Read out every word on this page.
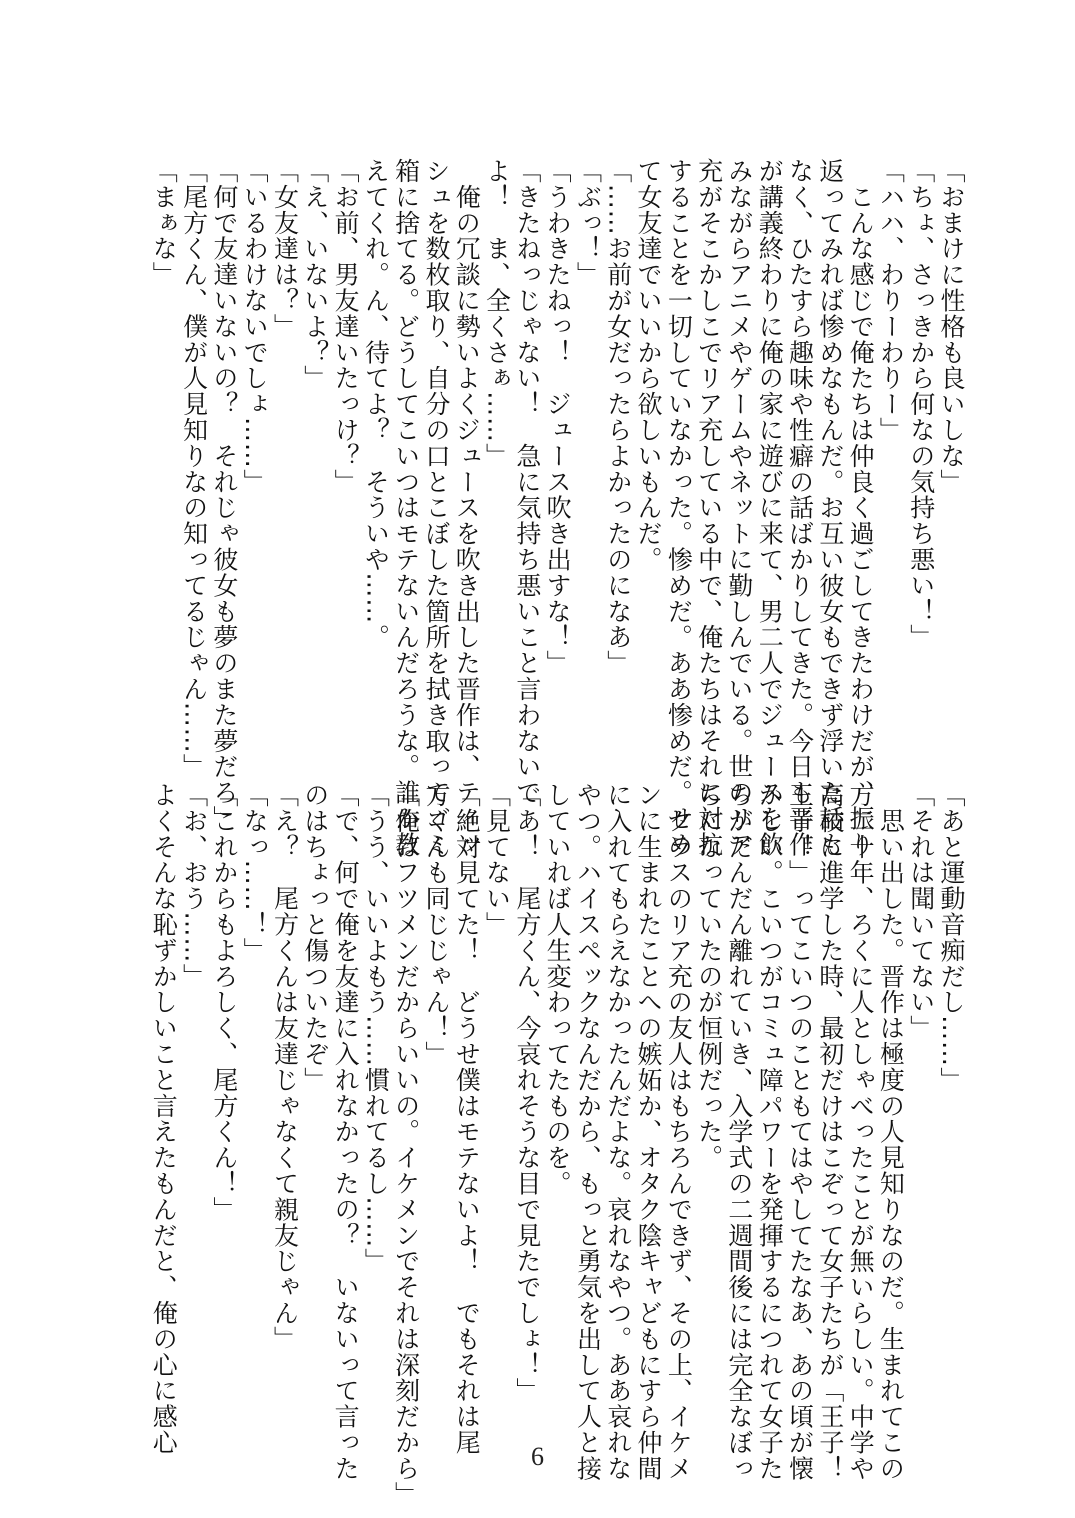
「おまけに性格も良いしな」
「ちょ、さっきから何なの気持ち悪い！」
「ハハ、わりーわりー」
　こんな感じで俺たちは仲良く過ごしてきたわけだが、振り
返ってみれば惨めなもんだ。お互い彼女もできず浮いた話も
なく、ひたすら趣味や性癖の話ばかりしてきた。今日も晋作
が講義終わりに俺の家に遊びに来て、男二人でジュースを飲
みながらアニメやゲームやネットに勤しんでいる。世のリア
充がそこかしこでリア充している中で、俺たちはそれに対抗
することを一切していなかった。惨めだ。ああ惨めだ。せめ
て女友達でいいから欲しいもんだ。
「……お前が女だったらよかったのになあ」
「ぶっ！」
「うわきたねっ！　ジュース吹き出すな！」
「きたねっじゃない！　急に気持ち悪いこと言わないで
よ！　ま、全くさぁ……」
　俺の冗談に勢いよくジュースを吹き出した晋作は、ティッ
シュを数枚取り、自分の口とこぼした箇所を拭き取ってゴミ
箱に捨てる。どうしてこいつはモテないんだろうな。誰か教
えてくれ。ん、待てよ？　そういや……。
「お前、男友達いたっけ？」
「え、いないよ？」
「女友達は？」
「いるわけないでしょ……」
「何で友達いないの？　それじゃ彼女も夢のまた夢だろ」
「尾方くん、僕が人見知りなの知ってるじゃん……」
「まぁな」
「あと運動音痴だし……」
「それは聞いてない」
　思い出した。晋作は極度の人見知りなのだ。生まれてこの
方二十年、ろくに人としゃべったことが無いらしい。中学や
高校に進学した時、最初だけはこぞって女子たちが「王子！
王子！」ってこいつのこともてはやしてたなあ、あの頃が懐
かしい。こいつがコミュ障パワーを発揮するにつれて女子た
ちがだんだん離れていき、入学式の二週間後には完全なぼっ
ちになっていたのが恒例だった。
　クラスのリア充の友人はもちろんできず、その上、イケメ
ンに生まれたことへの嫉妬か、オタク陰キャどもにすら仲間
に入れてもらえなかったんだよな。哀れなやつ。ああ哀れな
やつ。ハイスペックなんだから、もっと勇気を出して人と接
していれば人生変わってたものを。
「あ！　尾方くん、今哀れそうな目で見たでしょ！」
「見てない」
「絶対見てた！　どうせ僕はモテないよ！　でもそれは尾
方くんも同じじゃん！」
「俺はフツメンだからいいの。イケメンでそれは深刻だから」
「うう、いいよもう……慣れてるし……」
「で、何で俺を友達に入れなかったの？　いないって言った
のはちょっと傷ついたぞ」
「え？　尾方くんは友達じゃなくて親友じゃん」
「なっ……！」
「これからもよろしく、尾方くん！」
「お、おう……」
よくそんな恥ずかしいこと言えたもんだと、俺の心に感心
6
